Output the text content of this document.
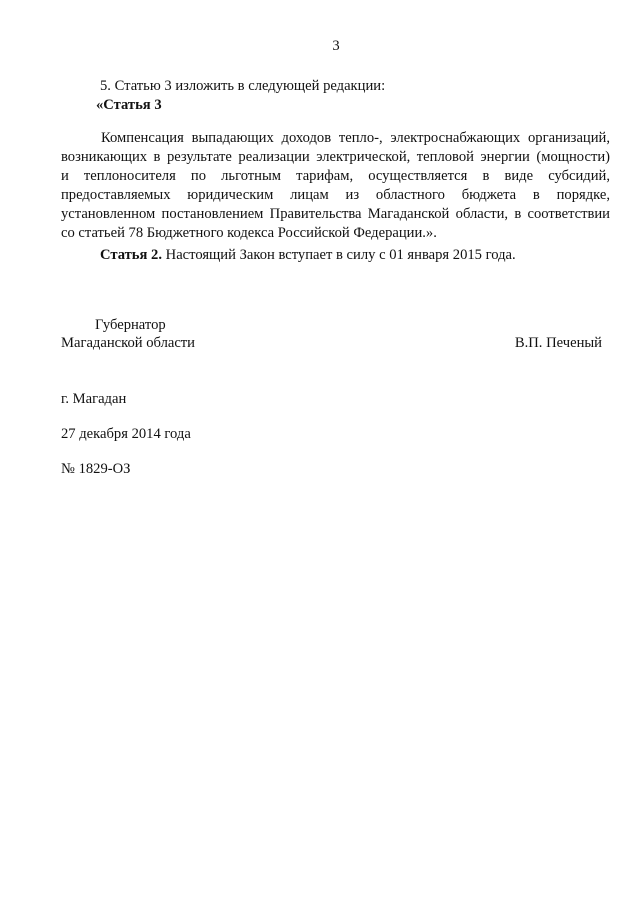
3
5. Статью 3 изложить в следующей редакции:
«Статья 3
Компенсация выпадающих доходов тепло-, электроснабжающих организаций,
возникающих в результате реализации электрической, тепловой энергии (мощности)
и теплоносителя по льготным тарифам, осуществляется в виде субсидий,
предоставляемых юридическим лицам из областного бюджета в порядке,
установленном постановлением Правительства Магаданской области, в соответствии
со статьей 78 Бюджетного кодекса Российской Федерации.».
Статья 2. Настоящий Закон вступает в силу с 01 января 2015 года.
Губернатор
Магаданской области	В.П. Печеный
г. Магадан
27 декабря 2014 года
№ 1829-ОЗ
